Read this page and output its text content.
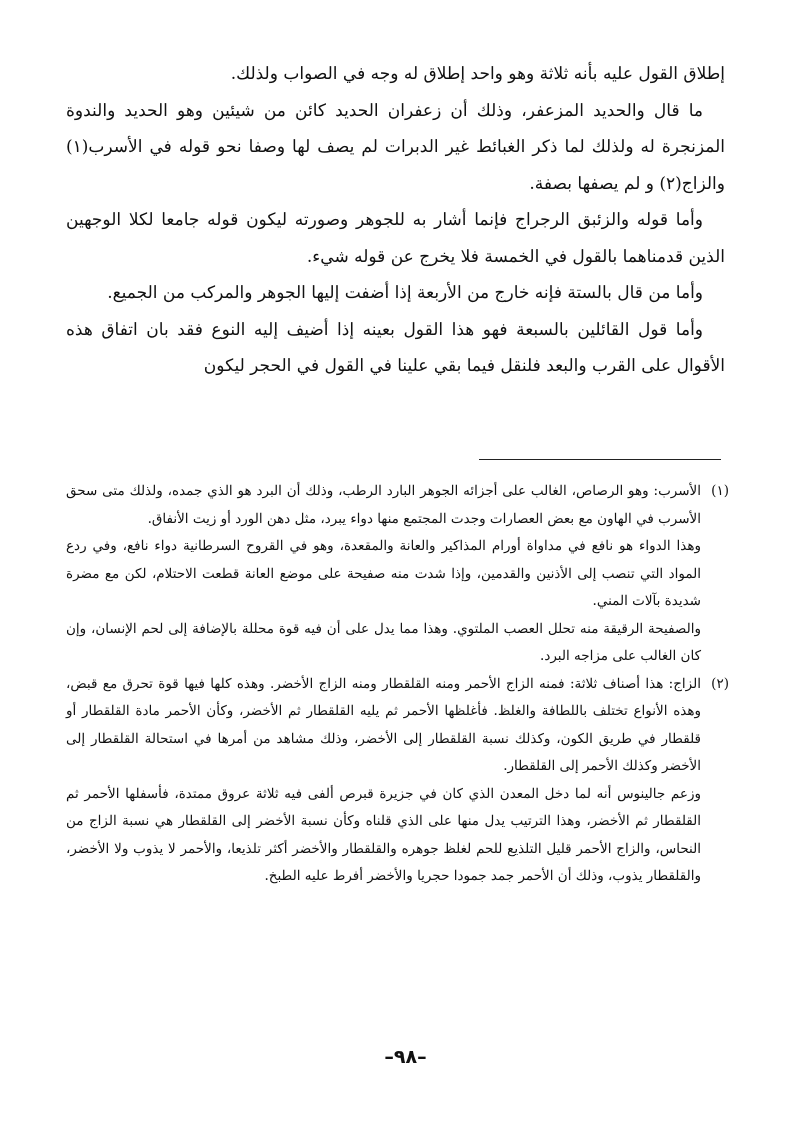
إطلاق القول عليه بأنه ثلاثة وهو واحد إطلاق له وجه في الصواب ولذلك.

ما قال والحديد المزعفر، وذلك أن زعفران الحديد كائن من شيئين وهو الحديد والندوة المزنجرة له ولذلك لما ذكر الغبائط غير الدبرات لم يصف لها وصفا نحو قوله في الأسرب(١) والزاج(٢) و لم يصفها بصفة.

وأما قوله والزئبق الرجراج فإنما أشار به للجوهر وصورته ليكون قوله جامعا لكلا الوجهين الذين قدمناهما بالقول في الخمسة فلا يخرج عن قوله شيء.

وأما من قال بالستة فإنه خارج من الأربعة إذا أضفت إليها الجوهر والمركب من الجميع.

وأما قول القائلين بالسبعة فهو هذا القول بعينه إذا أضيف إليه النوع فقد بان اتفاق هذه الأقوال على القرب والبعد فلنقل فيما بقي علينا في القول في الحجر ليكون

(١)
الأسرب: وهو الرصاص، الغالب على أجزائه الجوهر البارد الرطب، وذلك أن البرد هو الذي جمده، ولذلك متى سحق الأسرب في الهاون مع بعض العصارات وجدت المجتمع منها دواء يبرد، مثل دهن الورد أو زيت الأنفاق.

وهذا الدواء هو نافع في مداواة أورام المذاكير والعانة والمقعدة، وهو في القروح السرطانية دواء نافع، وفي ردع المواد التي تنصب إلى الأذنين والقدمين، وإذا شدت منه صفيحة على موضع العانة قطعت الاحتلام، لكن مع مضرة شديدة بآلات المني.

والصفيحة الرقيقة منه تحلل العصب الملتوي. وهذا مما يدل على أن فيه قوة محللة بالإضافة إلى لحم الإنسان، وإن كان الغالب على مزاجه البرد.

(٢)
الزاج: هذا أصناف ثلاثة: فمنه الزاج الأحمر ومنه القلقطار ومنه الزاج الأخضر. وهذه كلها فيها قوة تحرق مع قبض، وهذه الأنواع تختلف باللطافة والغلظ. فأغلظها الأحمر ثم يليه القلقطار ثم الأخضر، وكأن الأحمر مادة القلقطار أو قلقطار في طريق الكون، وكذلك نسبة القلقطار إلى الأخضر، وذلك مشاهد من أمرها في استحالة القلقطار إلى الأخضر وكذلك الأحمر إلى القلقطار.

وزعم جالينوس أنه لما دخل المعدن الذي كان في جزيرة قبرص ألفى فيه ثلاثة عروق ممتدة، فأسفلها الأحمر ثم القلقطار ثم الأخضر، وهذا الترتيب يدل منها على الذي قلناه وكأن نسبة الأخضر إلى القلقطار هي نسبة الزاج من النحاس، والزاج الأحمر قليل التلذيع للحم لغلظ جوهره والقلقطار والأخضر أكثر تلذيعا، والأحمر لا يذوب ولا الأخضر، والقلقطار يذوب، وذلك أن الأحمر جمد جمودا حجريا والأخضر أفرط عليه الطبخ.

–٩٨–
